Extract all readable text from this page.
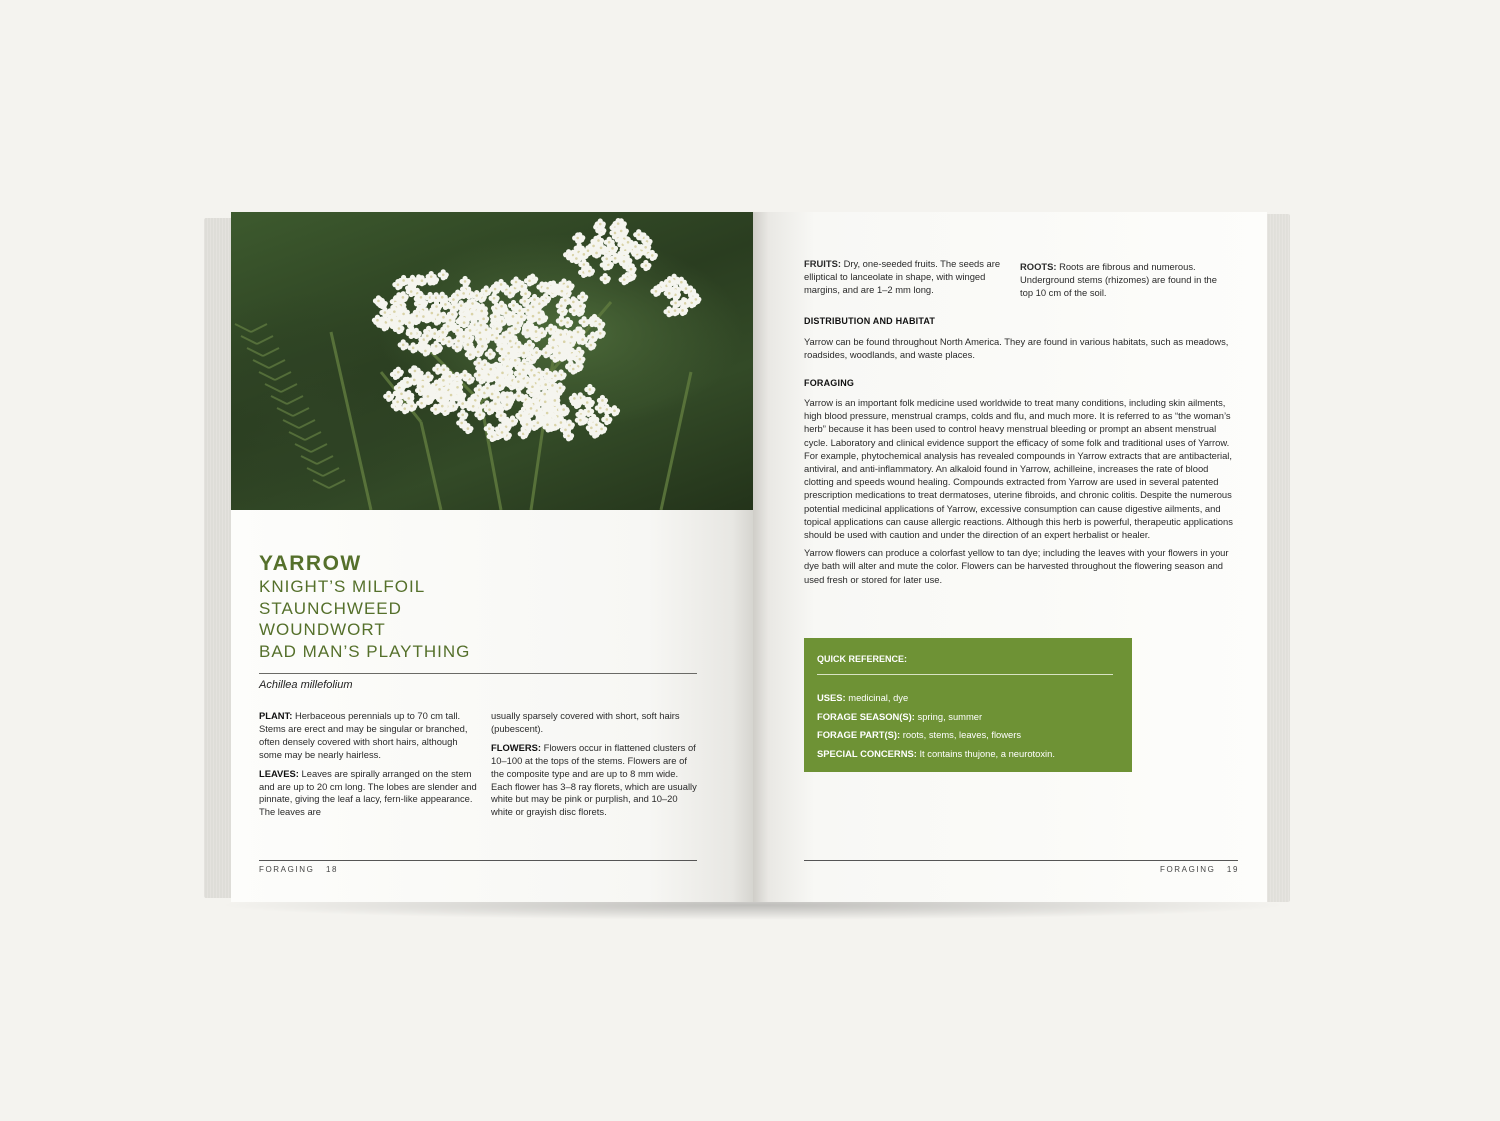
YARROW
KNIGHT’S MILFOIL
STAUNCHWEED
WOUNDWORT
BAD MAN’S PLAYTHING
Achillea millefolium

PLANT: Herbaceous perennials up to 70 cm tall. Stems are erect and may be singular or branched, often densely covered with short hairs, although some may be nearly hairless.

LEAVES: Leaves are spirally arranged on the stem and are up to 20 cm long. The lobes are slender and pinnate, giving the leaf a lacy, fern-like appearance. The leaves are

usually sparsely covered with short, soft hairs (pubescent).

FLOWERS: Flowers occur in flattened clusters of 10–100 at the tops of the stems. Flowers are of the composite type and are up to 8 mm wide. Each flower has 3–8 ray florets, which are usually white but may be pink or purplish, and 10–20 white or grayish disc florets.

FORAGING 18
FRUITS: Dry, one-seeded fruits. The seeds are elliptical to lanceolate in shape, with winged margins, and are 1–2 mm long.
ROOTS: Roots are fibrous and numerous. Underground stems (rhizomes) are found in the top 10 cm of the soil.
DISTRIBUTION AND HABITAT
Yarrow can be found throughout North America. They are found in various habitats, such as meadows, roadsides, woodlands, and waste places.
FORAGING

Yarrow is an important folk medicine used worldwide to treat many conditions, including skin ailments, high blood pressure, menstrual cramps, colds and flu, and much more. It is referred to as “the woman’s herb” because it has been used to control heavy menstrual bleeding or prompt an absent menstrual cycle. Laboratory and clinical evidence support the efficacy of some folk and traditional uses of Yarrow. For example, phytochemical analysis has revealed compounds in Yarrow extracts that are antibacterial, antiviral, and anti-inflammatory. An alkaloid found in Yarrow, achilleine, increases the rate of blood clotting and speeds wound healing. Compounds extracted from Yarrow are used in several patented prescription medications to treat dermatoses, uterine fibroids, and chronic colitis. Despite the numerous potential medicinal applications of Yarrow, excessive consumption can cause digestive ailments, and topical applications can cause allergic reactions. Although this herb is powerful, therapeutic applications should be used with caution and under the direction of an expert herbalist or healer.

Yarrow flowers can produce a colorfast yellow to tan dye; including the leaves with your flowers in your dye bath will alter and mute the color. Flowers can be harvested throughout the flowering season and used fresh or stored for later use.

QUICK REFERENCE:
USES: medicinal, dye
FORAGE SEASON(S): spring, summer
FORAGE PART(S): roots, stems, leaves, flowers
SPECIAL CONCERNS: It contains thujone, a neurotoxin.
FORAGING 19
